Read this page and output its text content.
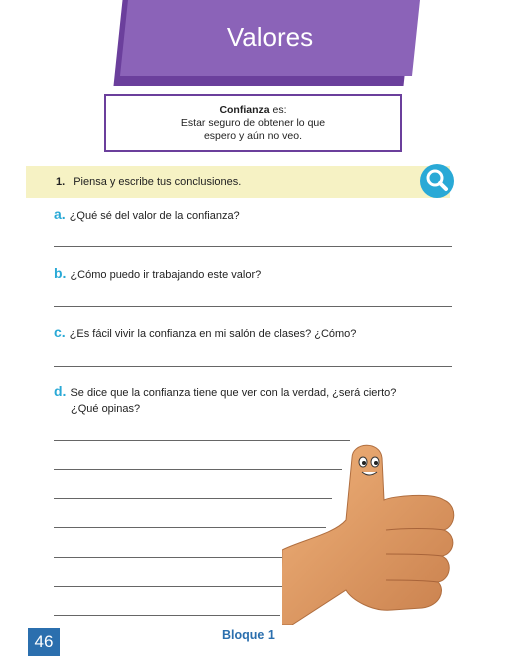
Valores
Confianza es:
Estar seguro de obtener lo que
espero y aún no veo.
1. Piensa y escribe tus conclusiones.
a. ¿Qué sé del valor de la confianza?
b. ¿Cómo puedo ir trabajando este valor?
c. ¿Es fácil vivir la confianza en mi salón de clases? ¿Cómo?
d. Se dice que la confianza tiene que ver con la verdad, ¿será cierto?
¿Qué opinas?
46	Bloque 1
